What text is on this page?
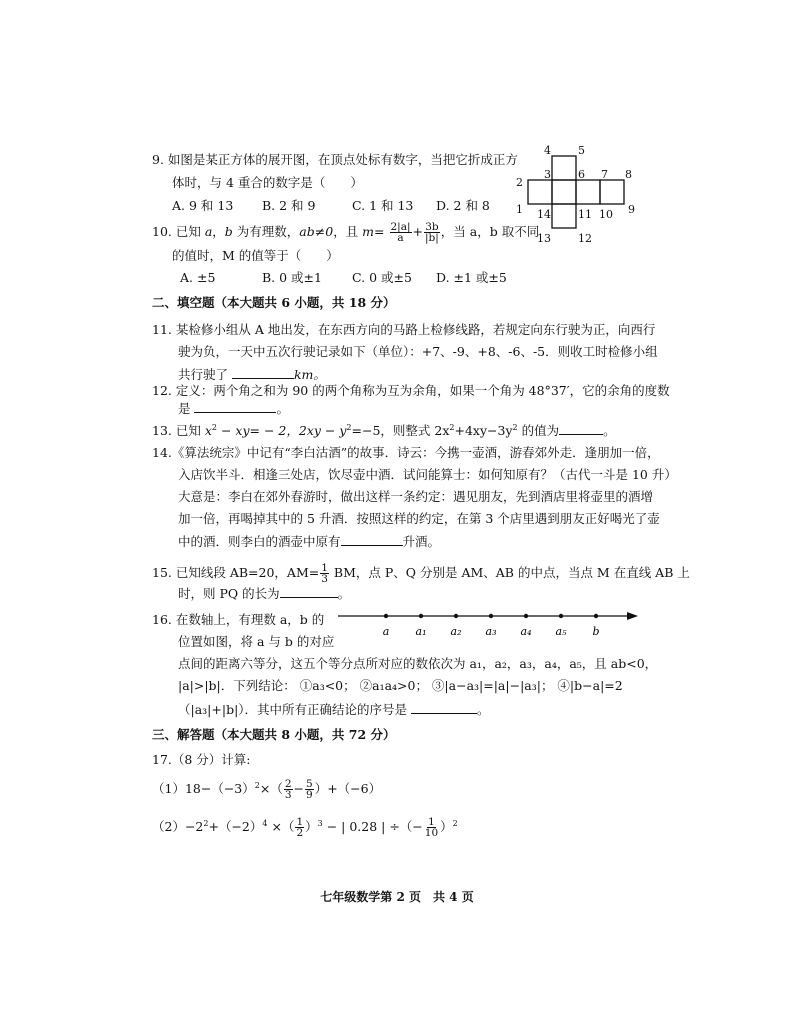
9. 如图是某正方体的展开图，在顶点处标有数字，当把它折成正方
体时，与 4 重合的数字是（　　）
A. 9 和 13 B. 2 和 9	C. 1 和 13 D. 2 和 8
4 5
2
3 6 7 8
1 14 11 10 9
13 12
10. 已知 a，b 为有理数，ab≠0，且 $m= \frac{2|a|}{a} + \frac{3b}{|b|}$ ，当 a，b 取不同
的值时，M 的值等于（　　）
A. ±5	B. 0 或±1 C. 0 或±5 D. ±1 或±5
二、填空题（本大题共 6 小题，共 18 分）
11. 某检修小组从 A 地出发，在东西方向的马路上检修线路，若规定向东行驶为正，向西行
驶为负，一天中五次行驶记录如下（单位）：+7、-9、+8、-6、-5．则收工时检修小组
共行驶了	km。
12. 定义：两个角之和为 90 的两个角称为互为余角，如果一个角为 48°37′，它的余角的度数
是	。
13. 已知 $x^2 - xy= - 2$，$2xy - y^2=-5$，则整式 $2x^2+4xy-3y^2$ 的值为	。
14.《算法统宗》中记有“李白沽酒”的故事．诗云：今携一壶酒，游春郊外走．逢朋加一倍，
入店饮半斗．相逢三处店，饮尽壶中酒．试问能算士：如何知原有？（古代一斗是 10 升）
大意是：李白在郊外春游时，做出这样一条约定：遇见朋友，先到酒店里将壶里的酒增
加一倍，再喝掉其中的 5 升酒．按照这样的约定，在第 3 个店里遇到朋友正好喝光了壶
中的酒．则李白的酒壶中原有	升酒。
15. 已知线段 AB=20，$AM= \frac{1}{3}$ BM，点 P、Q 分别是 AM、AB 的中点，当点 M 在直线 AB 上
时，则 PQ 的长为	。
16. 在数轴上，有理数 a，b 的
位置如图，将 a 与 b 的对应
a a₁ a₂ a₃ a₄ a₅ b
点间的距离六等分，这五个等分点所对应的数依次为 a₁，a₂，a₃，a₄，a₅，且 ab<0，
|a|>|b|．下列结论： ①a₃<0； ②a₁a₄>0； ③|a−a₃|=|a|−|a₃|； ④|b−a|=2
（|a₃|+|b|）．其中所有正确结论的序号是	。
三、解答题（本大题共 8 小题，共 72 分）
17.（8 分）计算:
$(1)18-(-3)^2\times( \frac{2}{3} - \frac{5}{9} )+(-6)$
$(2)-2^2+(-2)^4$ ×（ $\frac{1}{2} )^3$ − | 0.28 | ÷（− $\frac{1}{10} )^2$
七年级数学第 2 页　共 4 页
